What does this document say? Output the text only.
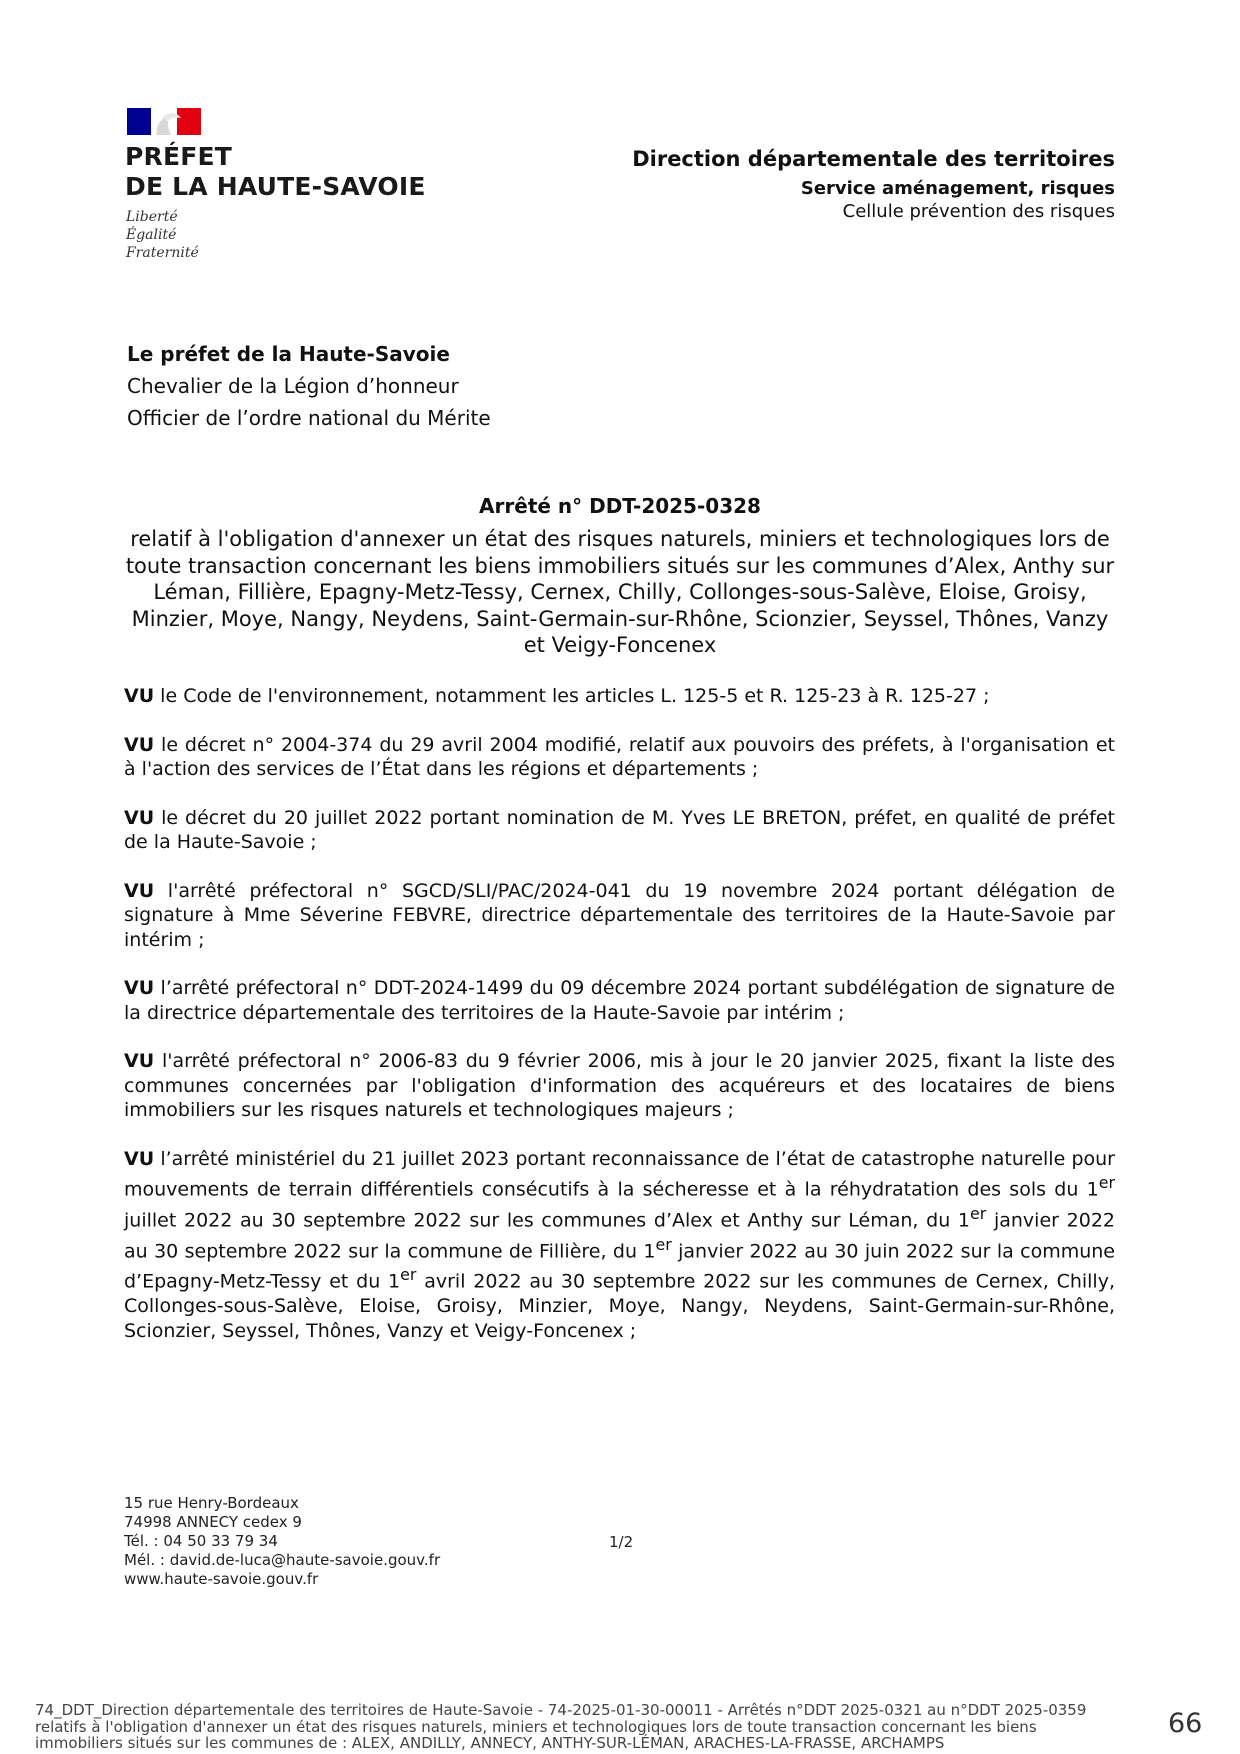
PRÉFET
DE LA HAUTE-SAVOIE
Liberté
Égalité
Fraternité
Direction départementale des territoires
Service aménagement, risques
Cellule prévention des risques
Le préfet de la Haute-Savoie
Chevalier de la Légion d’honneur
Officier de l’ordre national du Mérite
Arrêté n° DDT-2025-0328
relatif à l'obligation d'annexer un état des risques naturels, miniers et technologiques lors de toute transaction concernant les biens immobiliers situés sur les communes d’Alex, Anthy sur Léman, Fillière, Epagny-Metz-Tessy, Cernex, Chilly, Collonges-sous-Salève, Eloise, Groisy, Minzier, Moye, Nangy, Neydens, Saint-Germain-sur-Rhône, Scionzier, Seyssel, Thônes, Vanzy et Veigy-Foncenex

VU le Code de l'environnement, notamment les articles L. 125-5 et R. 125-23 à R. 125-27 ;

VU le décret n° 2004-374 du 29 avril 2004 modifié, relatif aux pouvoirs des préfets, à l'organisation et à l'action des services de l’État dans les régions et départements ;

VU le décret du 20 juillet 2022 portant nomination de M. Yves LE BRETON, préfet, en qualité de préfet de la Haute-Savoie ;

VU l'arrêté préfectoral n° SGCD/SLI/PAC/2024-041 du 19 novembre 2024 portant délégation de signature à Mme Séverine FEBVRE, directrice départementale des territoires de la Haute-Savoie par intérim ;

VU l’arrêté préfectoral n° DDT-2024-1499 du 09 décembre 2024 portant subdélégation de signature de la directrice départementale des territoires de la Haute-Savoie par intérim ;

VU l'arrêté préfectoral n° 2006-83 du 9 février 2006, mis à jour le 20 janvier 2025, fixant la liste des communes concernées par l'obligation d'information des acquéreurs et des locataires de biens immobiliers sur les risques naturels et technologiques majeurs ;

VU l’arrêté ministériel du 21 juillet 2023 portant reconnaissance de l’état de catastrophe naturelle pour mouvements de terrain différentiels consécutifs à la sécheresse et à la réhydratation des sols du 1er juillet 2022 au 30 septembre 2022 sur les communes d’Alex et Anthy sur Léman, du 1er janvier 2022 au 30 septembre 2022 sur la commune de Fillière, du 1er janvier 2022 au 30 juin 2022 sur la commune d’Epagny-Metz-Tessy et du 1er avril 2022 au 30 septembre 2022 sur les communes de Cernex, Chilly, Collonges-sous-Salève, Eloise, Groisy, Minzier, Moye, Nangy, Neydens, Saint-Germain-sur-Rhône, Scionzier, Seyssel, Thônes, Vanzy et Veigy-Foncenex ;

15 rue Henry-Bordeaux
74998 ANNECY cedex 9
Tél. : 04 50 33 79 34
Mél. : david.de-luca@haute-savoie.gouv.fr
www.haute-savoie.gouv.fr
1/2
74_DDT_Direction départementale des territoires de Haute-Savoie - 74-2025-01-30-00011 - Arrêtés n°DDT 2025-0321 au n°DDT 2025-0359 relatifs à l'obligation d'annexer un état des risques naturels, miniers et technologiques lors de toute transaction concernant les biens immobiliers situés sur les communes de : ALEX, ANDILLY, ANNECY, ANTHY-SUR-LÉMAN, ARACHES-LA-FRASSE, ARCHAMPS
66
